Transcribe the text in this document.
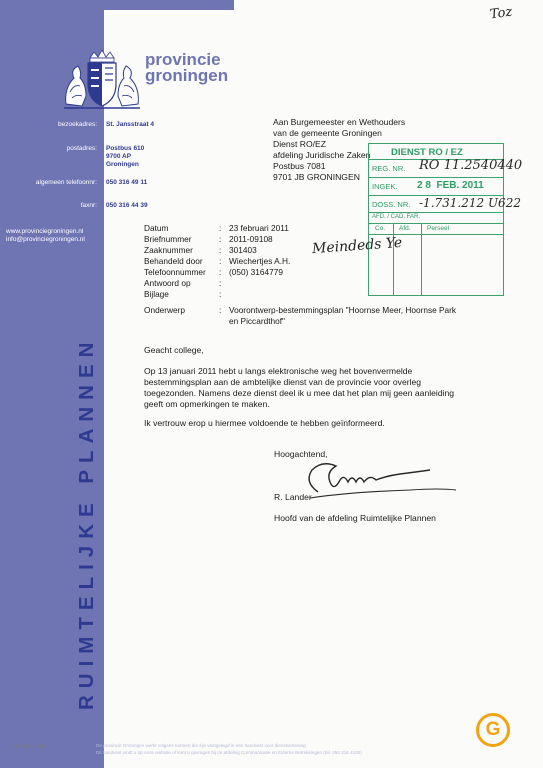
provincie
groningen
Toz
bezoekadres: St. Jansstraat 4
postadres: Postbus 610
9700 AP
Groningen
algemeen telefoonnr: 050 316 49 11
faxnr: 050 316 44 39
www.provinciegroningen.nl
info@provinciegroningen.nl
RUIMTELIJKE PLANNEN
Aan Burgemeester en Wethouders
van de gemeente Groningen
Dienst RO/EZ
afdeling Juridische Zaken
Postbus 7081
9701 JB GRONINGEN
DIENST RO / EZ
REG. NR. RO 11.2540440
INGEK. 2 8  FEB. 2011
DOSS. NR. -1.731.212 U622
AFD. / CAD. FAR.
Co. Afd.	Perseel
Datum	: 23 februari 2011
Briefnummer	: 2011-09108
Zaaknummer	: 301403
Behandeld door : Wiechertjes A.H.
Telefoonnummer : (050) 3164779
Antwoord op	:
Bijlage	:
Onderwerp	: Voorontwerp-bestemmingsplan "Hoornse Meer, Hoornse Park
en Piccardthof"
Meindeds Ye
Geacht college,
Op 13 januari 2011 hebt u langs elektronische weg het bovenvermelde
bestemmingsplan aan de ambtelijke dienst van de provincie voor overleg
toegezonden. Namens deze dienst deel ik u mee dat het plan mij geen aanleiding
geeft om opmerkingen te maken.
Ik vertrouw erop u hiermee voldoende te hebben geïnformeerd.
Hoogachtend,
R. Lander
Hoofd van de afdeling Ruimtelijke Plannen
06-HB-RP-001	De provincie Groningen werkt volgens normen die zijn vastgelegd in een handvest voor dienstverlening.
Dit handvest vindt u op onze website of kunt u opvragen bij de afdeling Communicatie en Externe Betrekkingen (tel. 050 316 4160)
G
